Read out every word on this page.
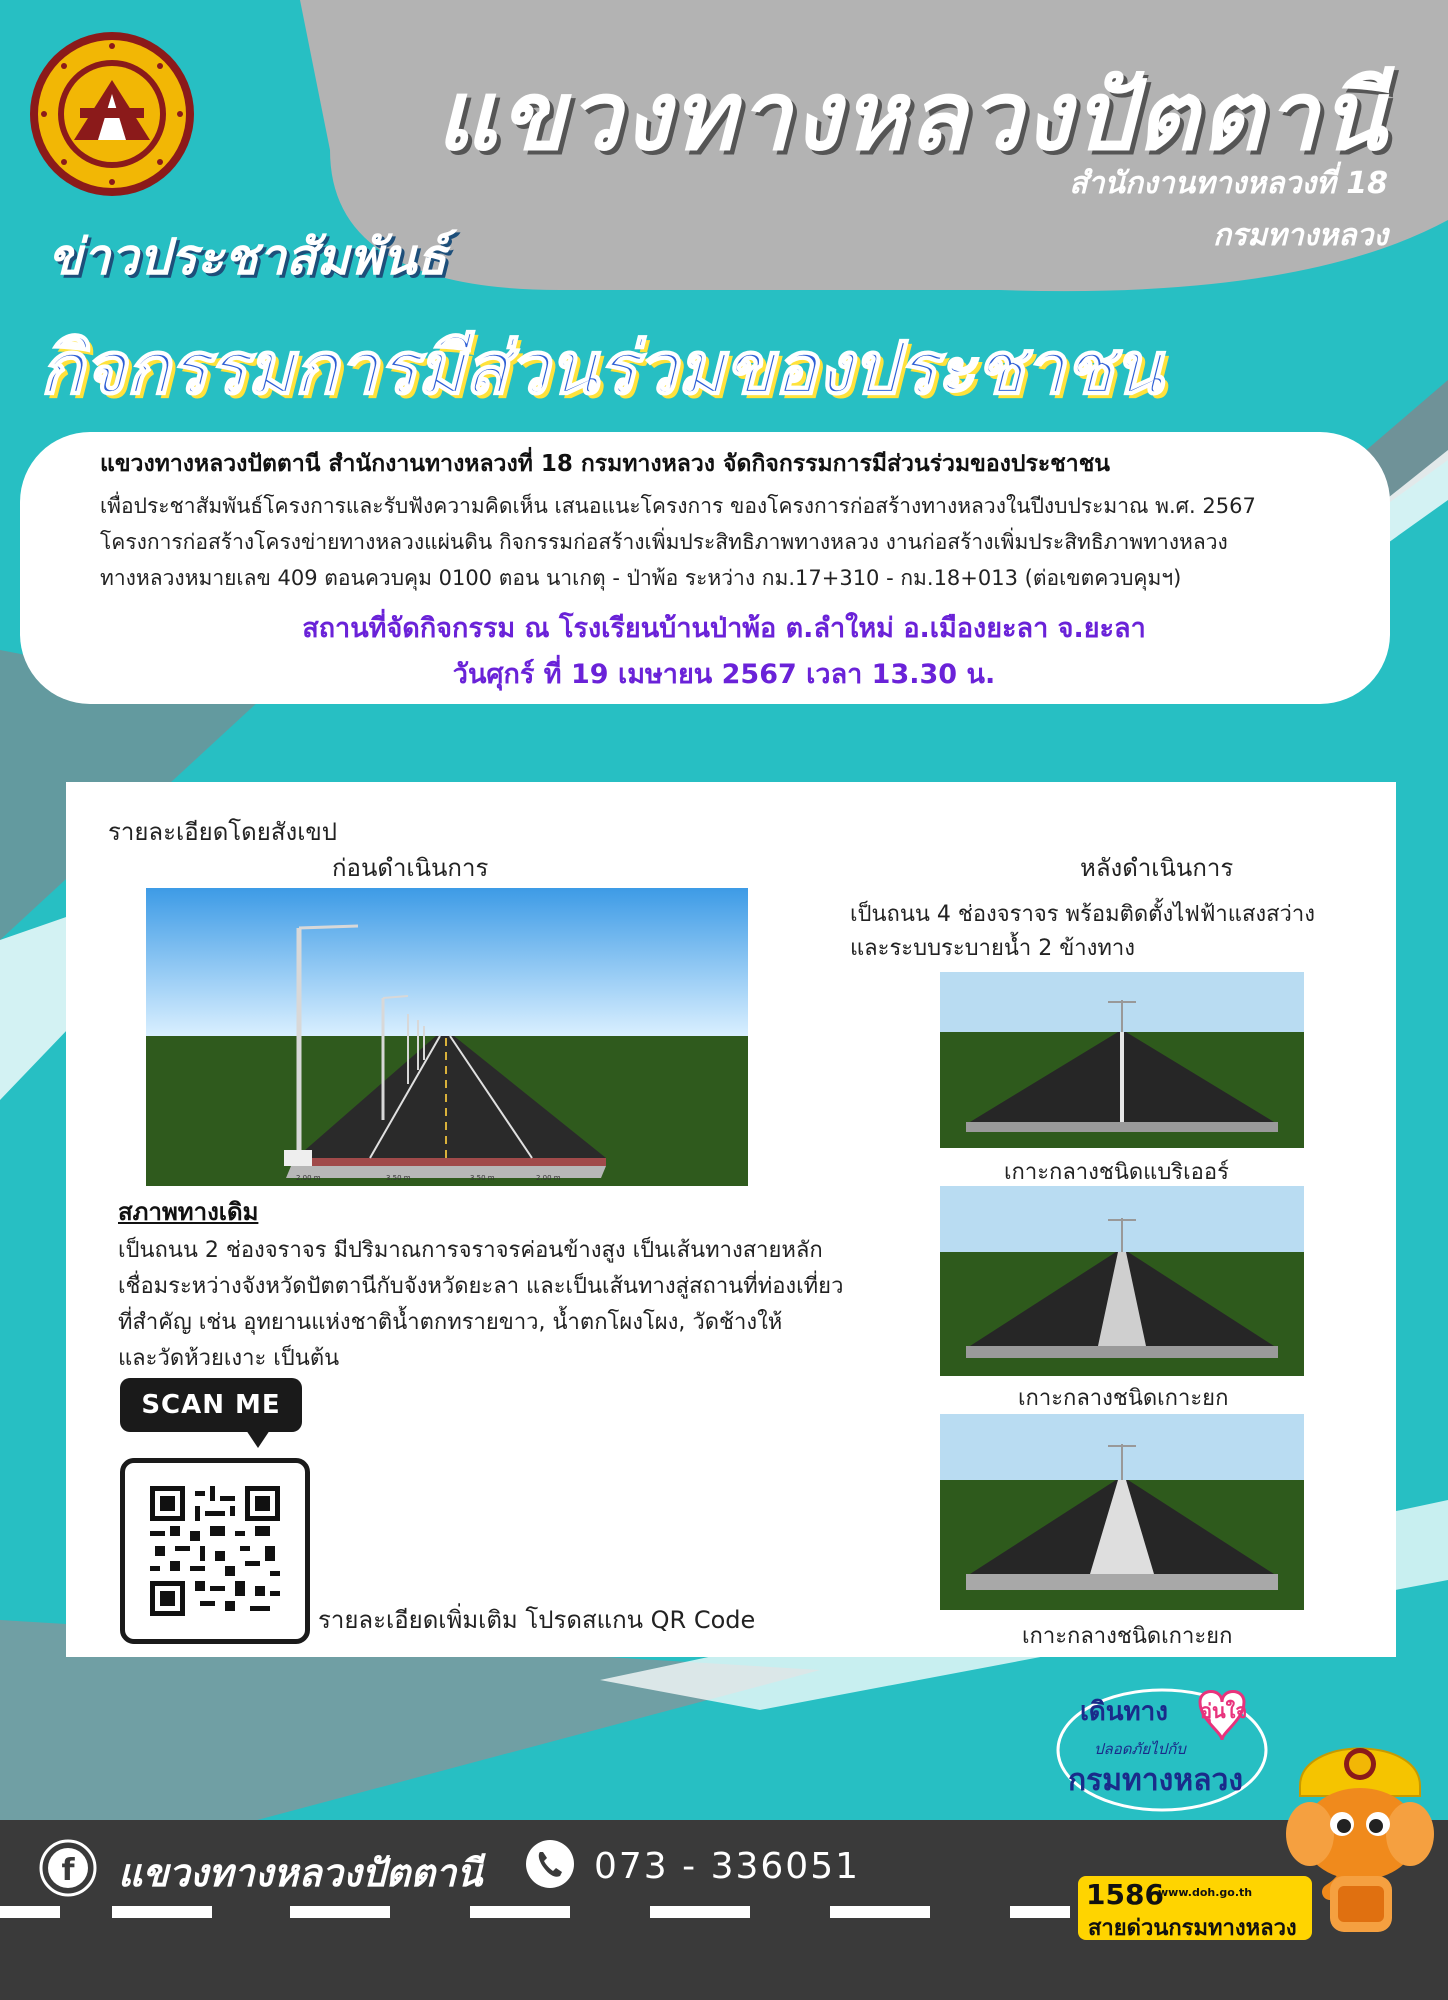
แขวงทางหลวงปัตตานี
สำนักงานทางหลวงที่ 18
กรมทางหลวง
ข่าวประชาสัมพันธ์
กิจกรรมการมีส่วนร่วมของประชาชน
แขวงทางหลวงปัตตานี สำนักงานทางหลวงที่ 18 กรมทางหลวง จัดกิจกรรมการมีส่วนร่วมของประชาชน
เพื่อประชาสัมพันธ์โครงการและรับฟังความคิดเห็น เสนอแนะโครงการ ของโครงการก่อสร้างทางหลวงในปีงบประมาณ พ.ศ. 2567
โครงการก่อสร้างโครงข่ายทางหลวงแผ่นดิน กิจกรรมก่อสร้างเพิ่มประสิทธิภาพทางหลวง งานก่อสร้างเพิ่มประสิทธิภาพทางหลวง
ทางหลวงหมายเลข 409 ตอนควบคุม 0100 ตอน นาเกตุ - ป่าพ้อ ระหว่าง กม.17+310 - กม.18+013 (ต่อเขตควบคุมฯ)
สถานที่จัดกิจกรรม ณ โรงเรียนบ้านป่าพ้อ ต.ลำใหม่ อ.เมืองยะลา จ.ยะลา
วันศุกร์ ที่ 19 เมษายน 2567 เวลา 13.30 น.
รายละเอียดโดยสังเขป
ก่อนดำเนินการ	หลังดำเนินการ
เป็นถนน 4 ช่องจราจร พร้อมติดตั้งไฟฟ้าแสงสว่าง
และระบบระบายน้ำ 2 ข้างทาง
2.00 m	3.50 m	3.50 m	2.00 m	เกาะกลางชนิดแบริเออร์
เกาะกลางชนิดเกาะยก
เกาะกลางชนิดเกาะยก
สภาพทางเดิม
เป็นถนน 2 ช่องจราจร มีปริมาณการจราจรค่อนข้างสูง เป็นเส้นทางสายหลัก
เชื่อมระหว่างจังหวัดปัตตานีกับจังหวัดยะลา และเป็นเส้นทางสู่สถานที่ท่องเที่ยว
ที่สำคัญ เช่น อุทยานแห่งชาติน้ำตกทรายขาว, น้ำตกโผงโผง, วัดช้างให้
และวัดห้วยเงาะ เป็นต้น
SCAN ME
รายละเอียดเพิ่มเติม โปรดสแกน QR Code
เดินทาง อุ่นใจ
ปลอดภัยไปกับ
กรมทางหลวง
f แขวงทางหลวงปัตตานี	073 - 336051
1586
www.doh.go.th
สายด่วนกรมทางหลวง
